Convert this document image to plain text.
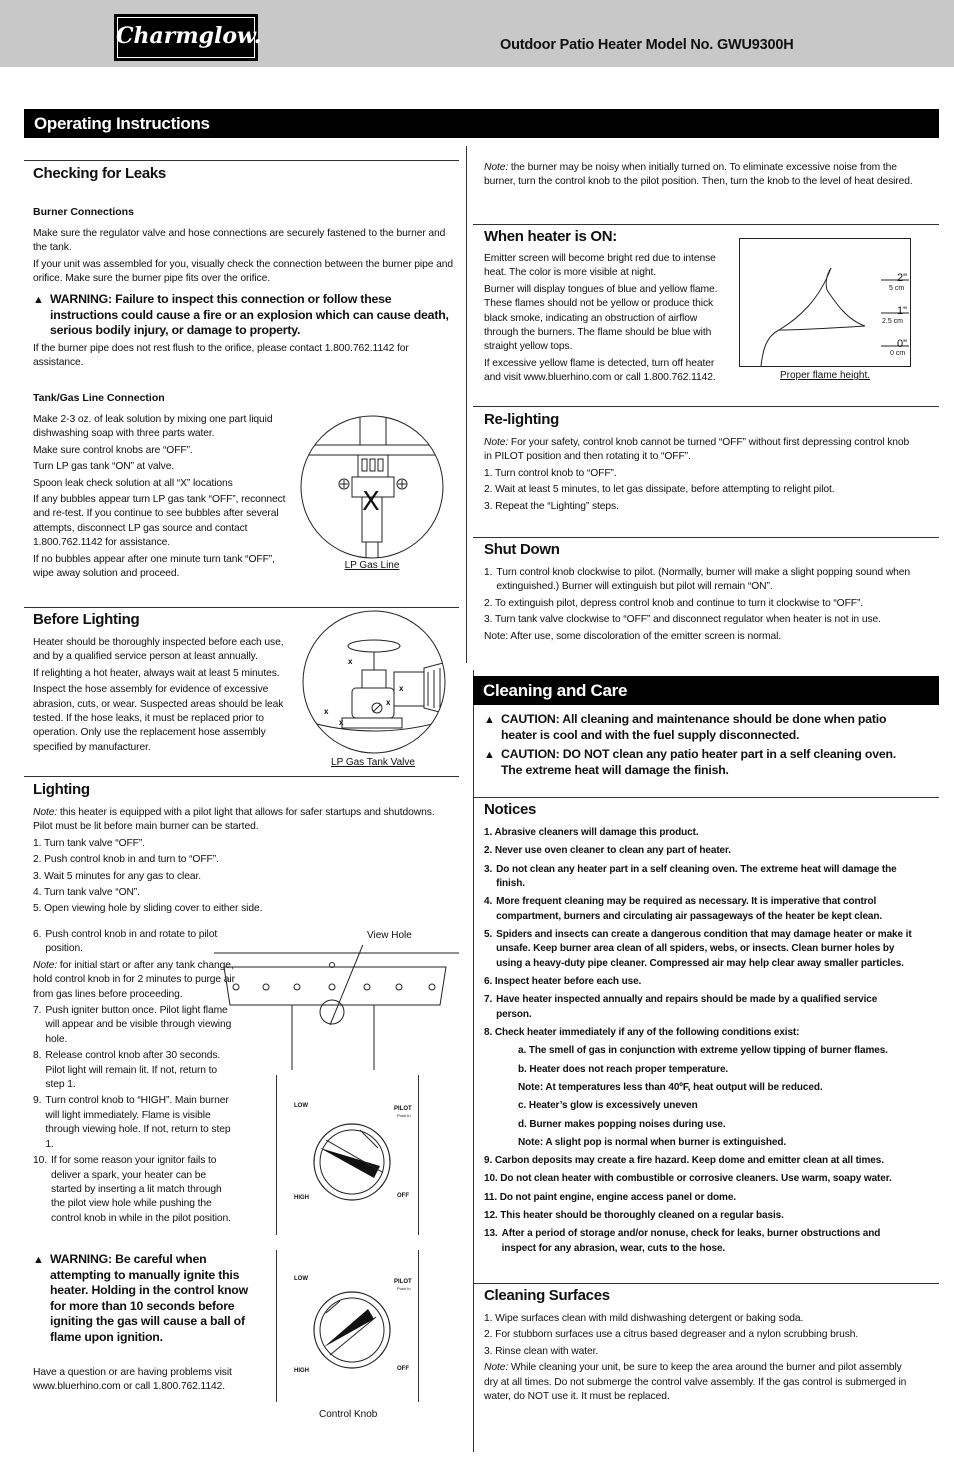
Charmglow.	Outdoor Patio Heater Model No. GWU9300H
Operating Instructions
Checking for Leaks
Burner Connections
Make sure the regulator valve and hose connections are securely fastened to the burner and the tank.
If your unit was assembled for you, visually check the connection between the burner pipe and orifice. Make sure the burner pipe fits over the orifice.
▲ WARNING: Failure to inspect this connection or follow these instructions could cause a fire or an explosion which can cause death, serious bodily injury, or damage to property.
If the burner pipe does not rest flush to the orifice, please contact 1.800.762.1142 for assistance.
Tank/Gas Line Connection
Make 2-3 oz. of leak solution by mixing one part liquid dishwashing soap with three parts water.
Make sure control knobs are “OFF”.
Turn LP gas tank “ON” at valve.
Spoon leak check solution at all “X” locations
If any bubbles appear turn LP gas tank “OFF”, reconnect and re-test. If you continue to see bubbles after several attempts, disconnect LP gas source and contact 1.800.762.1142 for assistance.
If no bubbles appear after one minute turn tank “OFF”, wipe away solution and proceed.
X
LP Gas Line
Before Lighting
Heater should be thoroughly inspected before each use, and by a qualified service person at least annually.
If relighting a hot heater, always wait at least 5 minutes.
Inspect the hose assembly for evidence of excessive abrasion, cuts, or wear. Suspected areas should be leak tested. If the hose leaks, it must be replaced prior to operation. Only use the replacement hose assembly specified by manufacturer.
x
x
x
x
x
LP Gas Tank Valve
Lighting
Note: this heater is equipped with a pilot light that allows for safer startups and shutdowns. Pilot must be lit before main burner can be started.
1. Turn tank valve “OFF”.
2. Push control knob in and turn to “OFF”.
3. Wait 5 minutes for any gas to clear.
4. Turn tank valve “ON”.
5. Open viewing hole by sliding cover to either side.
6. Push control knob in and rotate to pilot position.
Note: for initial start or after any tank change, hold control knob in for 2 minutes to purge air from gas lines before proceeding.
7. Push igniter button once. Pilot light flame will appear and be visible through viewing hole.
8. Release control knob after 30 seconds. Pilot light will remain lit. If not, return to step 1.
9. Turn control knob to “HIGH”. Main burner will light immediately. Flame is visible through viewing hole. If not, return to step 1.
10. If for some reason your ignitor fails to deliver a spark, your heater can be started by inserting a lit match through the pilot view hole while pushing the control knob in while in the pilot position.
▲ WARNING: Be careful when attempting to manually ignite this heater. Holding in the control know for more than 10 seconds before igniting the gas will cause a ball of flame upon ignition.
Have a question or are having problems visit www.bluerhino.com or call 1.800.762.1142.
View Hole
LOW	PILOT
Push In
HIGH	OFF
LOW	PILOT
Push In
HIGH	OFF
Control Knob
Note: the burner may be noisy when initially turned on. To eliminate excessive noise from the burner, turn the control knob to the pilot position. Then, turn the knob to the level of heat desired.
When heater is ON:
Emitter screen will become bright red due to intense heat. The color is more visible at night.
Burner will display tongues of blue and yellow flame. These flames should not be yellow or produce thick black smoke, indicating an obstruction of airflow through the burners. The flame should be blue with straight yellow tops.
If excessive yellow flame is detected, turn off heater and visit www.bluerhino.com or call 1.800.762.1142.
2"
5 cm
1"
2.5 cm
0"
0 cm
Proper flame height.
Re-lighting
Note: For your safety, control knob cannot be turned “OFF” without first depressing control knob in PILOT position and then rotating it to “OFF”.
1. Turn control knob to “OFF”.
2. Wait at least 5 minutes, to let gas dissipate, before attempting to relight pilot.
3. Repeat the “Lighting” steps.
Shut Down
1. Turn control knob clockwise to pilot. (Normally, burner will make a slight popping sound when extinguished.) Burner will extinguish but pilot will remain “ON”.
2. To extinguish pilot, depress control knob and continue to turn it clockwise to “OFF”.
3. Turn tank valve clockwise to “OFF” and disconnect regulator when heater is not in use.
Note: After use, some discoloration of the emitter screen is normal.
Cleaning and Care
▲ CAUTION: All cleaning and maintenance should be done when patio heater is cool and with the fuel supply disconnected.
▲ CAUTION: DO NOT clean any patio heater part in a self cleaning oven. The extreme heat will damage the finish.
Notices
1. Abrasive cleaners will damage this product.
2. Never use oven cleaner to clean any part of heater.
3. Do not clean any heater part in a self cleaning oven. The extreme heat will damage the finish.
4. More frequent cleaning may be required as necessary. It is imperative that control compartment, burners and circulating air passageways of the heater be kept clean.
5. Spiders and insects can create a dangerous condition that may damage heater or make it unsafe. Keep burner area clean of all spiders, webs, or insects. Clean burner holes by using a heavy-duty pipe cleaner. Compressed air may help clear away smaller particles.
6. Inspect heater before each use.
7. Have heater inspected annually and repairs should be made by a qualified service person.
8. Check heater immediately if any of the following conditions exist:
a. The smell of gas in conjunction with extreme yellow tipping of burner flames.
b. Heater does not reach proper temperature.
Note: At temperatures less than 40ºF, heat output will be reduced.
c. Heater’s glow is excessively uneven
d. Burner makes popping noises during use.
Note: A slight pop is normal when burner is extinguished.
9. Carbon deposits may create a fire hazard. Keep dome and emitter clean at all times.
10. Do not clean heater with combustible or corrosive cleaners. Use warm, soapy water.
11. Do not paint engine, engine access panel or dome.
12. This heater should be thoroughly cleaned on a regular basis.
13. After a period of storage and/or nonuse, check for leaks, burner obstructions and inspect for any abrasion, wear, cuts to the hose.
Cleaning Surfaces
1. Wipe surfaces clean with mild dishwashing detergent or baking soda.
2. For stubborn surfaces use a citrus based degreaser and a nylon scrubbing brush.
3. Rinse clean with water.
Note: While cleaning your unit, be sure to keep the area around the burner and pilot assembly dry at all times. Do not submerge the control valve assembly. If the gas control is submerged in water, do NOT use it. It must be replaced.
